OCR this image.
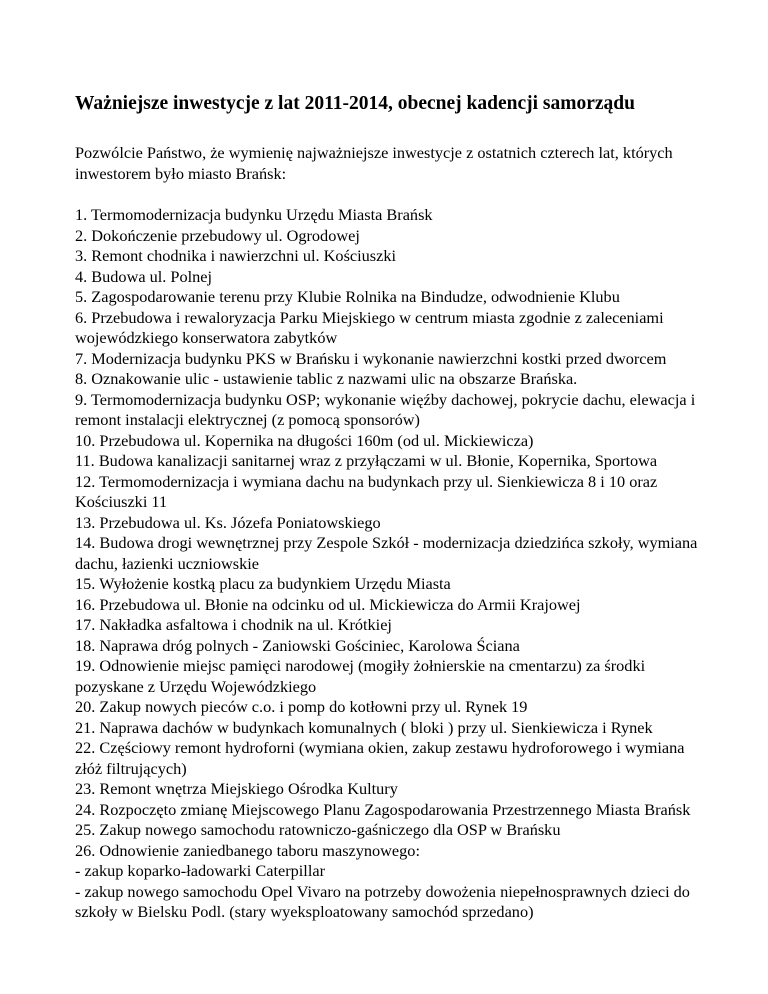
Ważniejsze inwestycje z lat 2011-2014, obecnej kadencji samorządu

Pozwólcie Państwo, że wymienię najważniejsze inwestycje z ostatnich czterech lat, których inwestorem było miasto Brańsk:

1. Termomodernizacja budynku Urzędu Miasta Brańsk
2. Dokończenie przebudowy ul. Ogrodowej
3. Remont chodnika i nawierzchni ul. Kościuszki
4. Budowa ul. Polnej
5. Zagospodarowanie terenu przy Klubie Rolnika na Bindudze, odwodnienie Klubu
6. Przebudowa i rewaloryzacja Parku Miejskiego w centrum miasta zgodnie z zaleceniami wojewódzkiego konserwatora zabytków
7. Modernizacja budynku PKS w Brańsku i wykonanie nawierzchni kostki przed dworcem
8. Oznakowanie ulic - ustawienie tablic z nazwami ulic na obszarze Brańska.
9. Termomodernizacja budynku OSP; wykonanie więźby dachowej, pokrycie dachu, elewacja i remont instalacji elektrycznej (z pomocą sponsorów)
10. Przebudowa ul. Kopernika na długości 160m (od ul. Mickiewicza)
11. Budowa kanalizacji sanitarnej wraz z przyłączami w ul. Błonie, Kopernika, Sportowa
12. Termomodernizacja i wymiana dachu na budynkach przy ul. Sienkiewicza 8 i 10 oraz Kościuszki 11
13. Przebudowa ul. Ks. Józefa Poniatowskiego
14. Budowa drogi wewnętrznej przy Zespole Szkół - modernizacja dziedzińca szkoły, wymiana dachu, łazienki uczniowskie
15. Wyłożenie kostką placu za budynkiem Urzędu Miasta
16. Przebudowa ul. Błonie na odcinku od ul. Mickiewicza do Armii Krajowej
17. Nakładka asfaltowa i chodnik na ul. Krótkiej
18. Naprawa dróg polnych - Zaniowski Gościniec, Karolowa Ściana
19. Odnowienie miejsc pamięci narodowej (mogiły żołnierskie na cmentarzu) za środki pozyskane z Urzędu Wojewódzkiego
20. Zakup nowych pieców c.o. i pomp do kotłowni przy ul. Rynek 19
21. Naprawa dachów w budynkach komunalnych ( bloki ) przy ul. Sienkiewicza i Rynek
22. Częściowy remont hydroforni (wymiana okien, zakup zestawu hydroforowego i wymiana złóż filtrujących)
23. Remont wnętrza Miejskiego Ośrodka Kultury
24. Rozpoczęto zmianę Miejscowego Planu Zagospodarowania Przestrzennego Miasta Brańsk
25. Zakup nowego samochodu ratowniczo-gaśniczego dla OSP w Brańsku
26. Odnowienie zaniedbanego taboru maszynowego:
- zakup koparko-ładowarki Caterpillar
- zakup nowego samochodu Opel Vivaro na potrzeby dowożenia niepełnosprawnych dzieci do szkoły w Bielsku Podl. (stary wyeksploatowany samochód sprzedano)
